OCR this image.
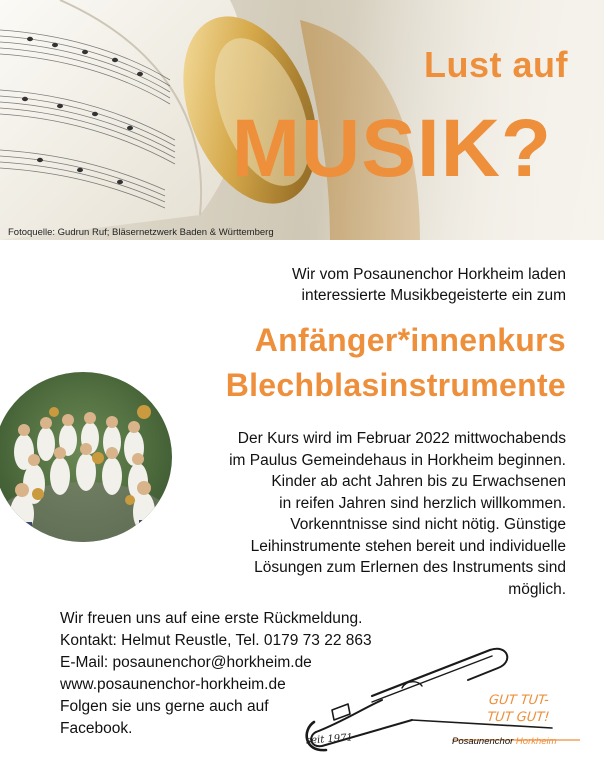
Lust auf
MUSIK?
Fotoquelle: Gudrun Ruf; Bläsernetzwerk Baden & Württemberg
Wir vom Posaunenchor Horkheim laden
interessierte Musikbegeisterte ein zum
Anfänger*innenkurs
Blechblasinstrumente
Der Kurs wird im Februar 2022 mittwochabends
im Paulus Gemeindehaus in Horkheim beginnen.
Kinder ab acht Jahren bis zu Erwachsenen
in reifen Jahren sind herzlich willkommen.
Vorkenntnisse sind nicht nötig. Günstige
Leihinstrumente stehen bereit und individuelle
Lösungen zum Erlernen des Instruments sind
möglich.
Wir freuen uns auf eine erste Rückmeldung.
Kontakt: Helmut Reustle, Tel. 0179 73 22 863
E-Mail: posaunenchor@horkheim.de
www.posaunenchor-horkheim.de
Folgen sie uns gerne auch auf
Facebook.
GUT TUT-
TUT GUT!
seit 1971	Posaunenchor Horkheim
